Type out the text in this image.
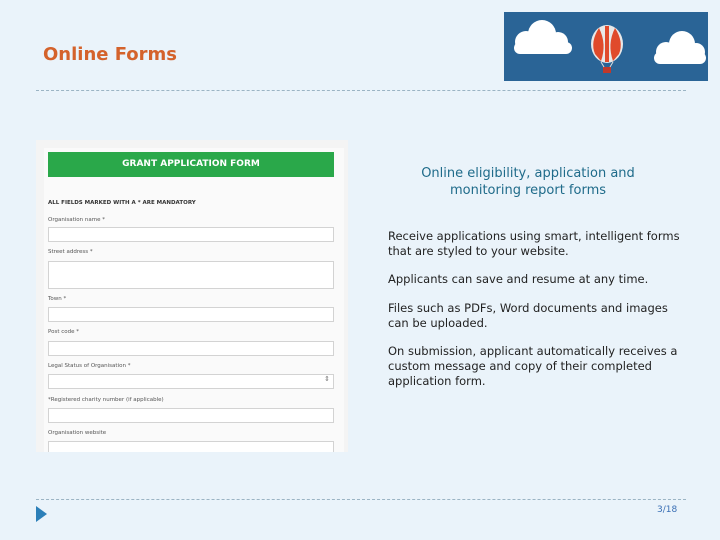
Online Forms
GRANT APPLICATION FORM
ALL FIELDS MARKED WITH A * ARE MANDATORY
Organisation name *
Street address *
Town *
Post code *
Legal Status of Organisation *
⇕
*Registered charity number (if applicable)
Organisation website
Online eligibility, application and monitoring report forms
Receive applications using smart, intelligent forms that are styled to your website.
Applicants can save and resume at any time.
Files such as PDFs, Word documents and images can be uploaded.
On submission, applicant automatically receives a custom message and copy of their completed application form.
3/18
